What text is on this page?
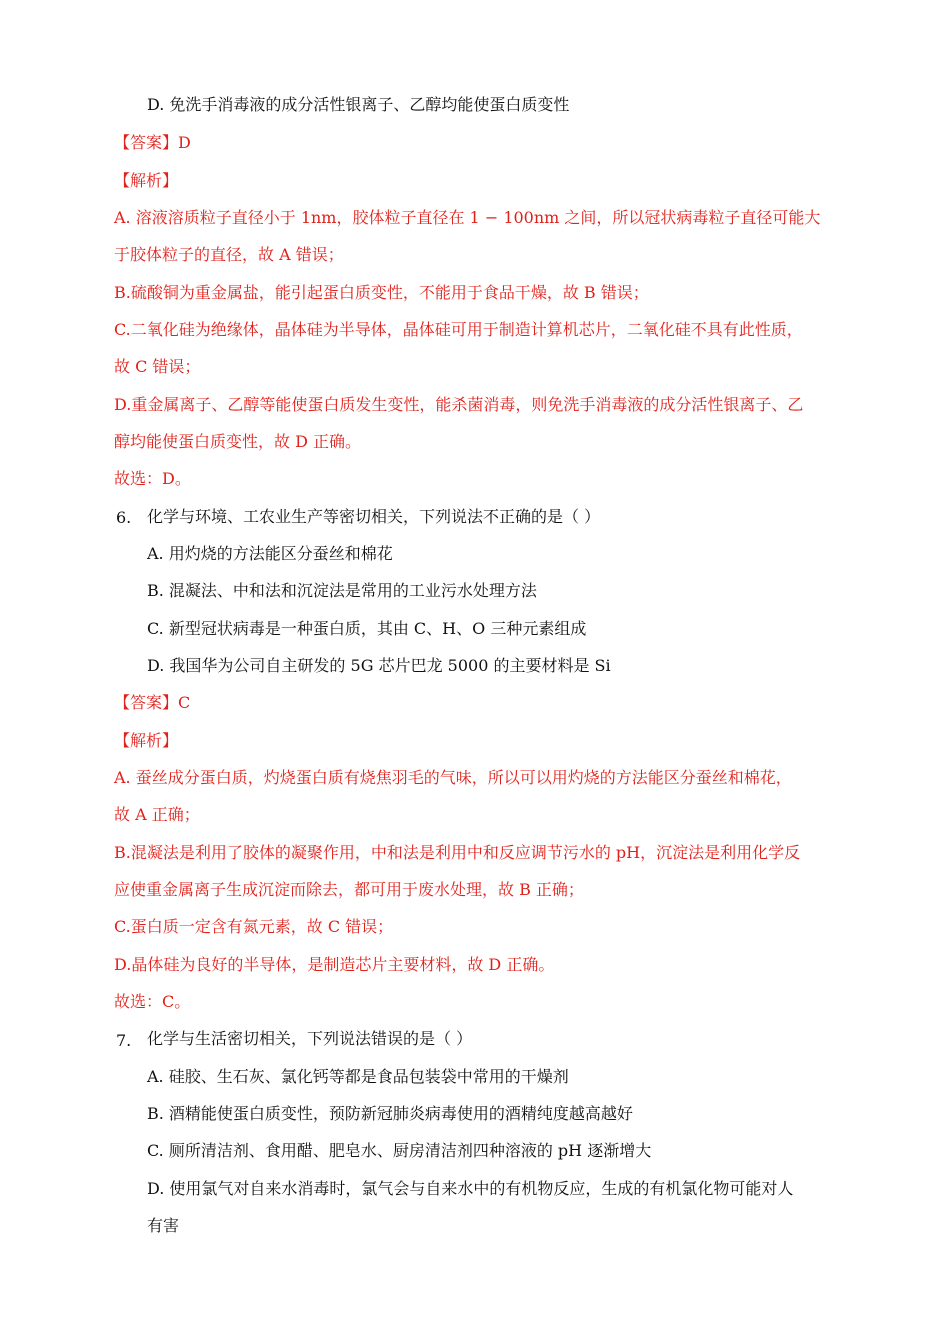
D. 免洗手消毒液的成分活性银离子、乙醇均能使蛋白质变性
【答案】D
【解析】
A. 溶液溶质粒子直径小于 1nm，胶体粒子直径在 1 − 100nm 之间，所以冠状病毒粒子直径可能大
于胶体粒子的直径，故 A 错误；
B.硫酸铜为重金属盐，能引起蛋白质变性，不能用于食品干燥，故 B 错误；
C.二氧化硅为绝缘体，晶体硅为半导体，晶体硅可用于制造计算机芯片，二氧化硅不具有此性质，
故 C 错误；
D.重金属离子、乙醇等能使蛋白质发生变性，能杀菌消毒，则免洗手消毒液的成分活性银离子、乙
醇均能使蛋白质变性，故 D 正确。
故选：D。
6. 化学与环境、工农业生产等密切相关，下列说法不正确的是（ ）
A. 用灼烧的方法能区分蚕丝和棉花
B. 混凝法、中和法和沉淀法是常用的工业污水处理方法
C. 新型冠状病毒是一种蛋白质，其由 C、H、O 三种元素组成
D. 我国华为公司自主研发的 5G 芯片巴龙 5000 的主要材料是 Si
【答案】C
【解析】
A. 蚕丝成分蛋白质，灼烧蛋白质有烧焦羽毛的气味，所以可以用灼烧的方法能区分蚕丝和棉花，
故 A 正确；
B.混凝法是利用了胶体的凝聚作用，中和法是利用中和反应调节污水的 pH，沉淀法是利用化学反
应使重金属离子生成沉淀而除去，都可用于废水处理，故 B 正确；
C.蛋白质一定含有氮元素，故 C 错误；
D.晶体硅为良好的半导体，是制造芯片主要材料，故 D 正确。
故选：C。
7. 化学与生活密切相关，下列说法错误的是（ ）
A. 硅胶、生石灰、氯化钙等都是食品包装袋中常用的干燥剂
B. 酒精能使蛋白质变性，预防新冠肺炎病毒使用的酒精纯度越高越好
C. 厕所清洁剂、食用醋、肥皂水、厨房清洁剂四种溶液的 pH 逐渐增大
D. 使用氯气对自来水消毒时，氯气会与自来水中的有机物反应，生成的有机氯化物可能对人
有害
